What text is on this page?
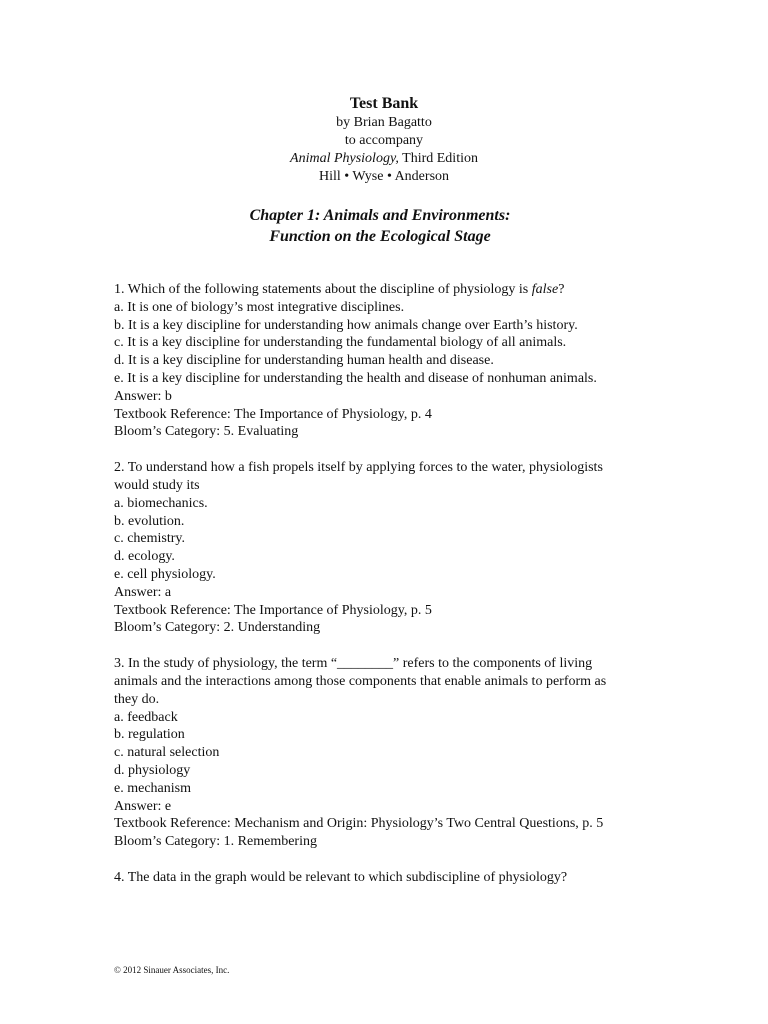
Test Bank
by Brian Bagatto
to accompany
Animal Physiology, Third Edition
Hill • Wyse • Anderson
Chapter 1: Animals and Environments:
Function on the Ecological Stage
1. Which of the following statements about the discipline of physiology is false?
a. It is one of biology’s most integrative disciplines.
b. It is a key discipline for understanding how animals change over Earth’s history.
c. It is a key discipline for understanding the fundamental biology of all animals.
d. It is a key discipline for understanding human health and disease.
e. It is a key discipline for understanding the health and disease of nonhuman animals.
Answer: b
Textbook Reference: The Importance of Physiology, p. 4
Bloom’s Category: 5. Evaluating
2. To understand how a fish propels itself by applying forces to the water, physiologists
would study its
a. biomechanics.
b. evolution.
c. chemistry.
d. ecology.
e. cell physiology.
Answer: a
Textbook Reference: The Importance of Physiology, p. 5
Bloom’s Category: 2. Understanding
3. In the study of physiology, the term “________” refers to the components of living
animals and the interactions among those components that enable animals to perform as
they do.
a. feedback
b. regulation
c. natural selection
d. physiology
e. mechanism
Answer: e
Textbook Reference: Mechanism and Origin: Physiology’s Two Central Questions, p. 5
Bloom’s Category: 1. Remembering
4. The data in the graph would be relevant to which subdiscipline of physiology?
© 2012 Sinauer Associates, Inc.
